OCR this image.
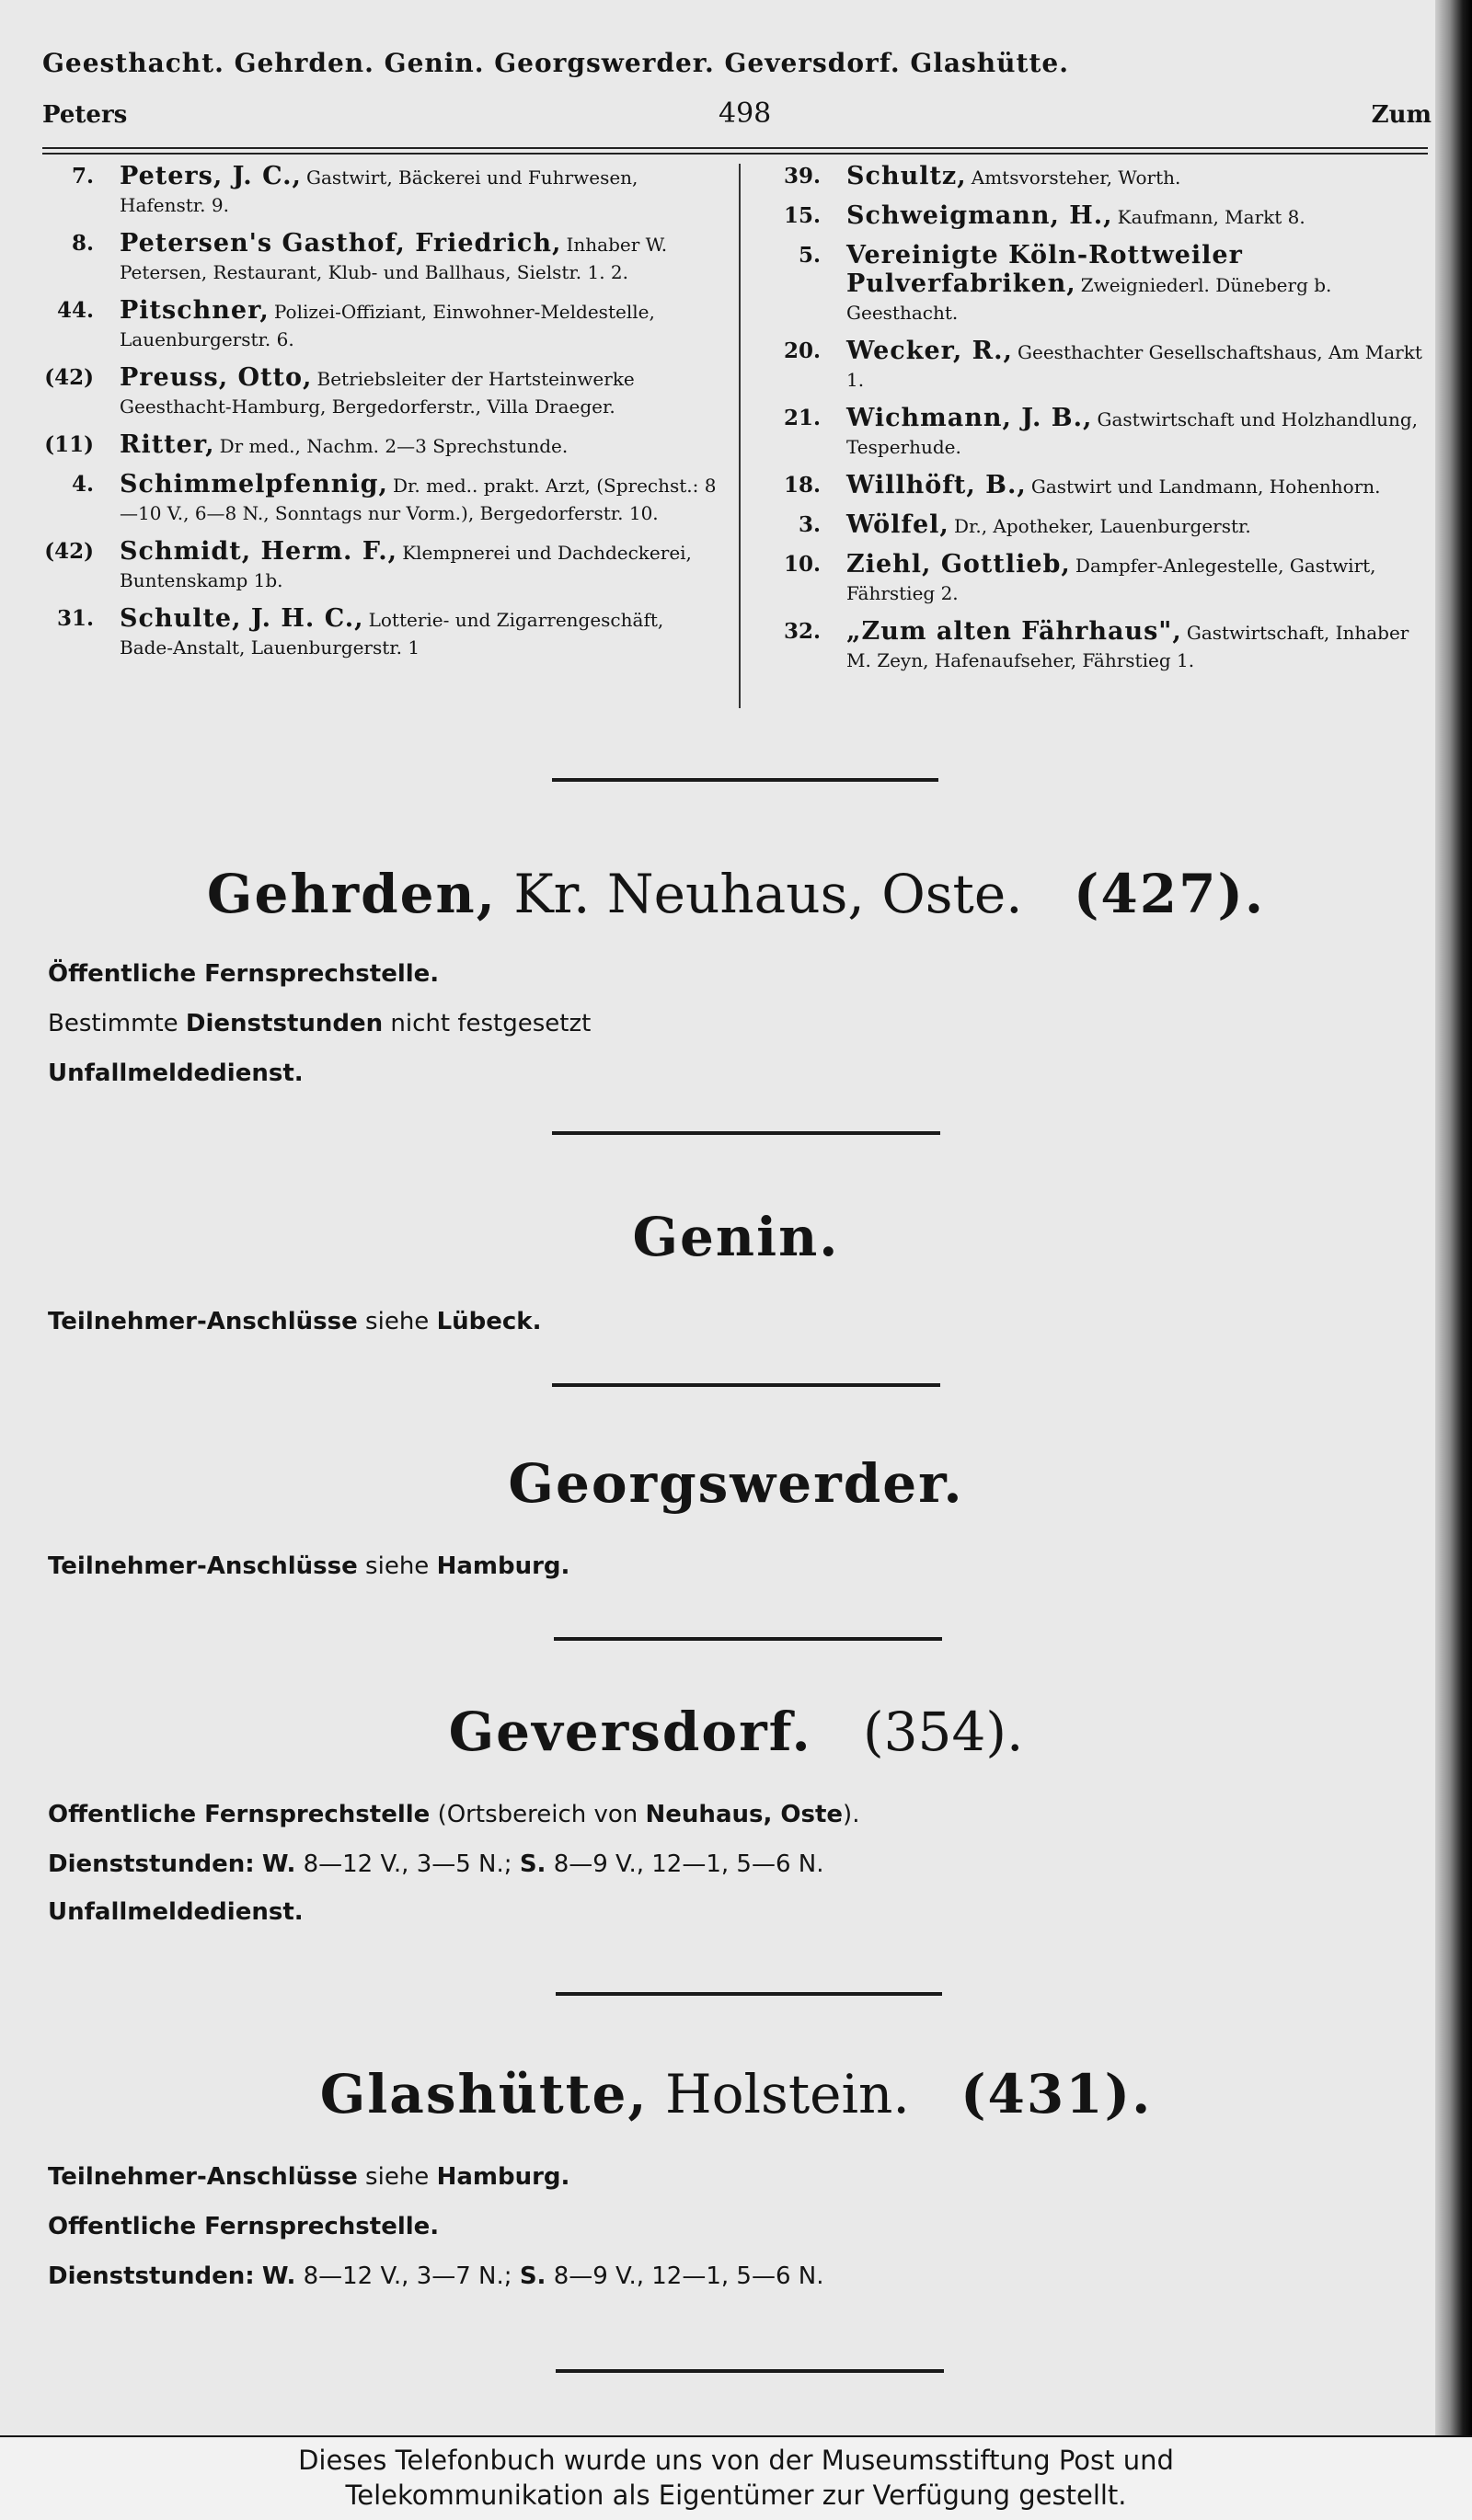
Geesthacht. Gehrden. Genin. Georgswerder. Geversdorf. Glashütte.
Peters	498	Zum
7. Peters, J. C., Gastwirt, Bäckerei und Fuhrwesen, Hafenstr. 9.
8. Petersen's Gasthof, Friedrich, Inhaber W. Petersen, Restaurant, Klub- und Ballhaus, Sielstr. 1. 2.
44. Pitschner, Polizei-Offiziant, Einwohner-Meldestelle, Lauenburgerstr. 6.
(42) Preuss, Otto, Betriebsleiter der Hartsteinwerke Geesthacht-Hamburg, Bergedorferstr., Villa Draeger.
(11) Ritter, Dr med., Nachm. 2—3 Sprechstunde.
4. Schimmelpfennig, Dr. med.. prakt. Arzt, (Sprechst.: 8—10 V., 6—8 N., Sonntags nur Vorm.), Bergedorferstr. 10.
(42) Schmidt, Herm. F., Klempnerei und Dachdeckerei, Buntenskamp 1b.
31. Schulte, J. H. C., Lotterie- und Zigarrengeschäft, Bade-Anstalt, Lauenburgerstr. 1
39. Schultz, Amtsvorsteher, Worth.
15. Schweigmann, H., Kaufmann, Markt 8.
5. Vereinigte Köln-Rottweiler Pulverfabriken, Zweigniederl. Düneberg b. Geesthacht.
20. Wecker, R., Geesthachter Gesellschaftshaus, Am Markt 1.
21. Wichmann, J. B., Gastwirtschaft und Holzhandlung, Tesperhude.
18. Willhöft, B., Gastwirt und Landmann, Hohenhorn.
3. Wölfel, Dr., Apotheker, Lauenburgerstr.
10. Ziehl, Gottlieb, Dampfer-Anlegestelle, Gastwirt, Fährstieg 2.
32. „Zum alten Fährhaus", Gastwirtschaft, Inhaber M. Zeyn, Hafenaufseher, Fährstieg 1.
Gehrden, Kr. Neuhaus, Oste. (427).
Öffentliche Fernsprechstelle.
Bestimmte Dienststunden nicht festgesetzt
Unfallmeldedienst.
Genin.
Teilnehmer-Anschlüsse siehe Lübeck.
Georgswerder.
Teilnehmer-Anschlüsse siehe Hamburg.
Geversdorf. (354).
Offentliche Fernsprechstelle (Ortsbereich von Neuhaus, Oste).
Dienststunden: W. 8—12 V., 3—5 N.; S. 8—9 V., 12—1, 5—6 N.
Unfallmeldedienst.
Glashütte, Holstein. (431).
Teilnehmer-Anschlüsse siehe Hamburg.
Offentliche Fernsprechstelle.
Dienststunden: W. 8—12 V., 3—7 N.; S. 8—9 V., 12—1, 5—6 N.
Dieses Telefonbuch wurde uns von der Museumsstiftung Post und
Telekommunikation als Eigentümer zur Verfügung gestellt.
